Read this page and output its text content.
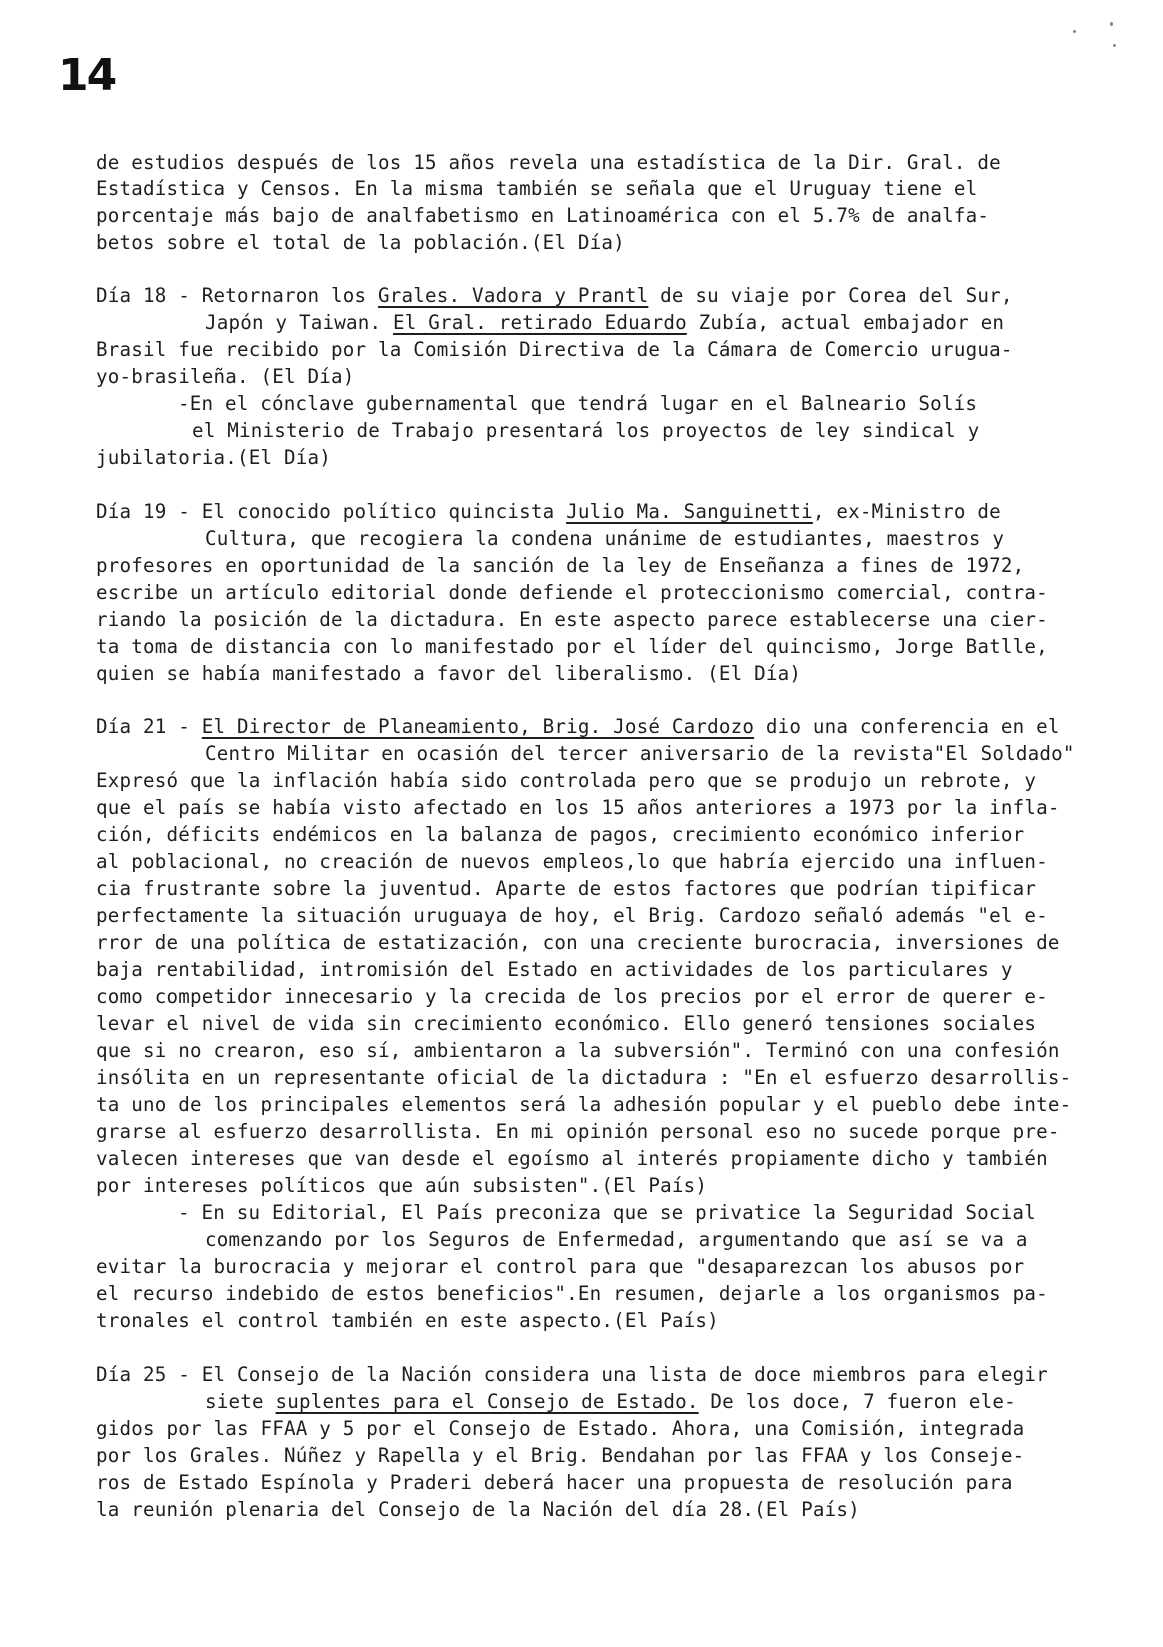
14
de estudios después de los 15 años revela una estadística de la Dir. Gral. de
Estadística y Censos. En la misma también se señala que el Uruguay tiene el
porcentaje más bajo de analfabetismo en Latinoamérica con el 5.7% de analfa-
betos sobre el total de la población.(El Día)
Día 18 - Retornaron los Grales. Vadora y Prantl de su viaje por Corea del Sur,
Japón y Taiwan. El Gral. retirado Eduardo Zubía, actual embajador en
Brasil fue recibido por la Comisión Directiva de la Cámara de Comercio urugua-
yo-brasileña. (El Día)
-En el cónclave gubernamental que tendrá lugar en el Balneario Solís
el Ministerio de Trabajo presentará los proyectos de ley sindical y
jubilatoria.(El Día)
Día 19 - El conocido político quincista Julio Ma. Sanguinetti, ex-Ministro de
Cultura, que recogiera la condena unánime de estudiantes, maestros y
profesores en oportunidad de la sanción de la ley de Enseñanza a fines de 1972,
escribe un artículo editorial donde defiende el proteccionismo comercial, contra-
riando la posición de la dictadura. En este aspecto parece establecerse una cier-
ta toma de distancia con lo manifestado por el líder del quincismo, Jorge Batlle,
quien se había manifestado a favor del liberalismo. (El Día)
Día 21 - El Director de Planeamiento, Brig. José Cardozo dio una conferencia en el
Centro Militar en ocasión del tercer aniversario de la revista"El Soldado"
Expresó que la inflación había sido controlada pero que se produjo un rebrote, y
que el país se había visto afectado en los 15 años anteriores a 1973 por la infla-
ción, déficits endémicos en la balanza de pagos, crecimiento económico inferior
al poblacional, no creación de nuevos empleos,lo que habría ejercido una influen-
cia frustrante sobre la juventud. Aparte de estos factores que podrían tipificar
perfectamente la situación uruguaya de hoy, el Brig. Cardozo señaló además "el e-
rror de una política de estatización, con una creciente burocracia, inversiones de
baja rentabilidad, intromisión del Estado en actividades de los particulares y
como competidor innecesario y la crecida de los precios por el error de querer e-
levar el nivel de vida sin crecimiento económico. Ello generó tensiones sociales
que si no crearon, eso sí, ambientaron a la subversión". Terminó con una confesión
insólita en un representante oficial de la dictadura : "En el esfuerzo desarrollis-
ta uno de los principales elementos será la adhesión popular y el pueblo debe inte-
grarse al esfuerzo desarrollista. En mi opinión personal eso no sucede porque pre-
valecen intereses que van desde el egoísmo al interés propiamente dicho y también
por intereses políticos que aún subsisten".(El País)
- En su Editorial, El País preconiza que se privatice la Seguridad Social
comenzando por los Seguros de Enfermedad, argumentando que así se va a
evitar la burocracia y mejorar el control para que "desaparezcan los abusos por
el recurso indebido de estos beneficios".En resumen, dejarle a los organismos pa-
tronales el control también en este aspecto.(El País)
Día 25 - El Consejo de la Nación considera una lista de doce miembros para elegir
siete suplentes para el Consejo de Estado. De los doce, 7 fueron ele-
gidos por las FFAA y 5 por el Consejo de Estado. Ahora, una Comisión, integrada
por los Grales. Núñez y Rapella y el Brig. Bendahan por las FFAA y los Conseje-
ros de Estado Espínola y Praderi deberá hacer una propuesta de resolución para
la reunión plenaria del Consejo de la Nación del día 28.(El País)
